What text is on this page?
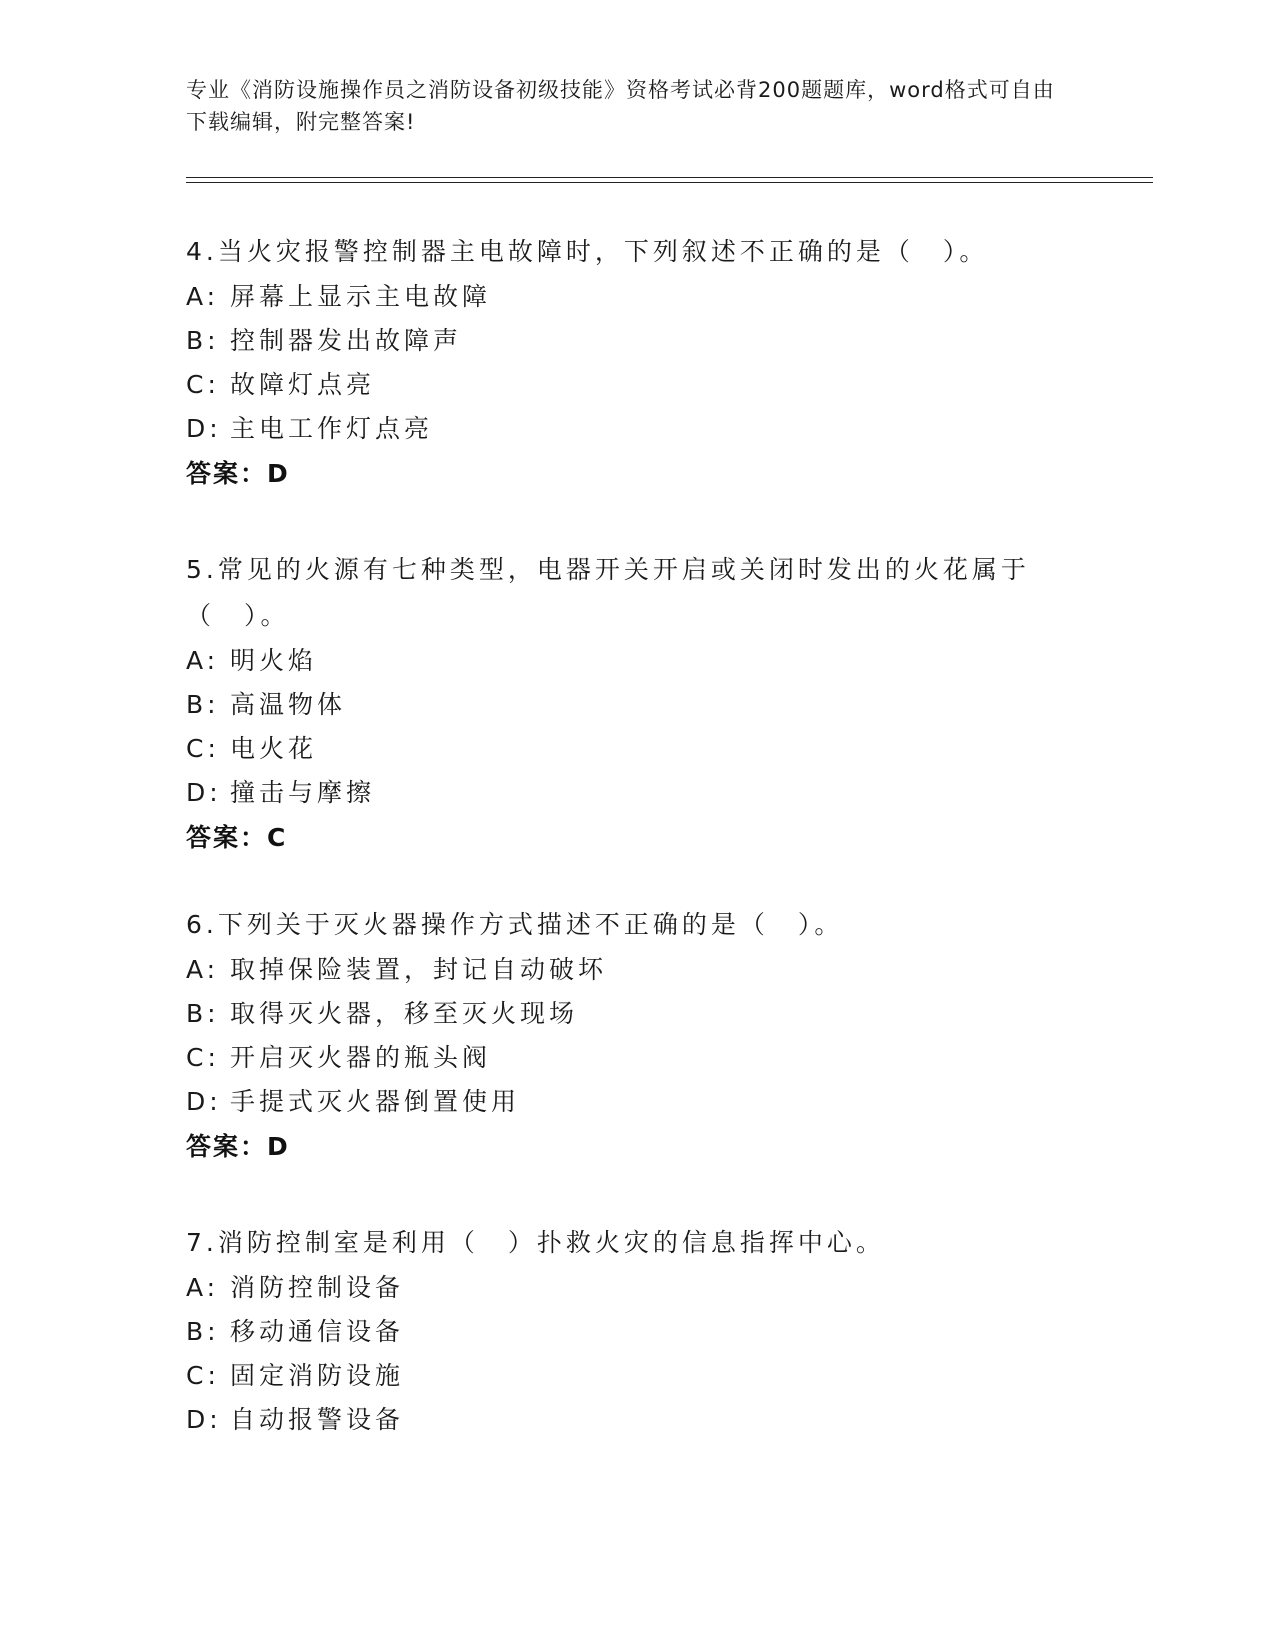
专业《消防设施操作员之消防设备初级技能》资格考试必背200题题库，word格式可自由下载编辑，附完整答案!
4.当火灾报警控制器主电故障时，下列叙述不正确的是（　）。
A: 屏幕上显示主电故障
B: 控制器发出故障声
C: 故障灯点亮
D: 主电工作灯点亮
答案：D
5.常见的火源有七种类型，电器开关开启或关闭时发出的火花属于（　）。
A: 明火焰
B: 高温物体
C: 电火花
D: 撞击与摩擦
答案：C
6.下列关于灭火器操作方式描述不正确的是（　）。
A: 取掉保险装置，封记自动破坏
B: 取得灭火器，移至灭火现场
C: 开启灭火器的瓶头阀
D: 手提式灭火器倒置使用
答案：D
7.消防控制室是利用（　）扑救火灾的信息指挥中心。
A: 消防控制设备
B: 移动通信设备
C: 固定消防设施
D: 自动报警设备
